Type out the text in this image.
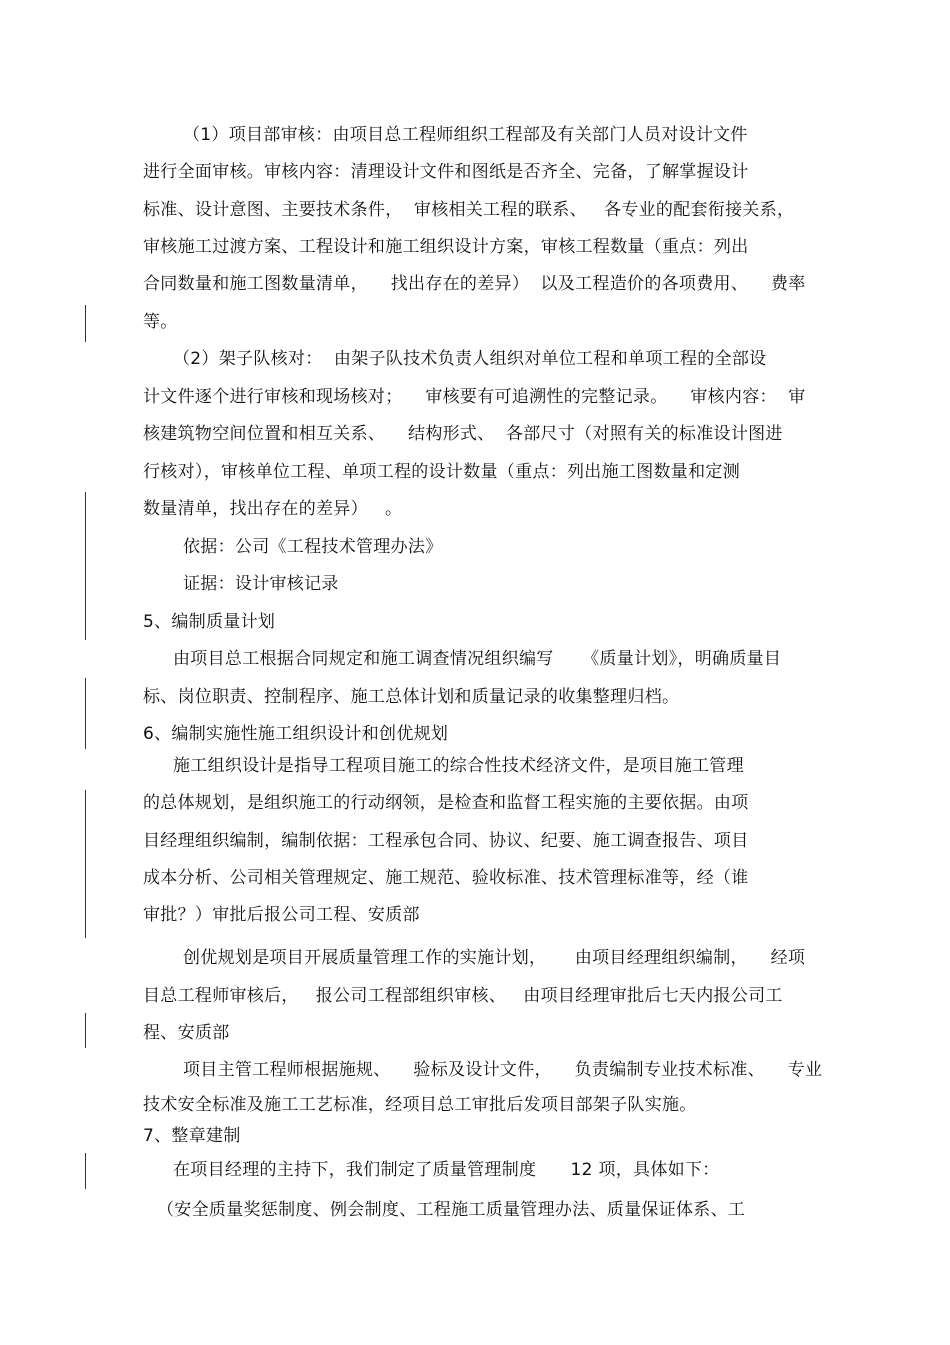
（1）项目部审核：由项目总工程师组织工程部及有关部门人员对设计文件
进行全面审核。审核内容：清理设计文件和图纸是否齐全、完备，了解掌握设计
标准、设计意图、主要技术条件，  审核相关工程的联系、   各专业的配套衔接关系，
审核施工过渡方案、工程设计和施工组织设计方案，审核工程数量（重点：列出
合同数量和施工图数量清单，    找出存在的差异）  以及工程造价的各项费用、    费率
等。
（2）架子队核对：  由架子队技术负责人组织对单位工程和单项工程的全部设
计文件逐个进行审核和现场核对；    审核要有可追溯性的完整记录。    审核内容：  审
核建筑物空间位置和相互关系、    结构形式、  各部尺寸（对照有关的标准设计图进
行核对），审核单位工程、单项工程的设计数量（重点：列出施工图数量和定测
数量清单，找出存在的差异）   。
依据：公司《工程技术管理办法》
证据：设计审核记录
5、编制质量计划
由项目总工根据合同规定和施工调查情况组织编写     《质量计划》，明确质量目
标、岗位职责、控制程序、施工总体计划和质量记录的收集整理归档。
6、编制实施性施工组织设计和创优规划
施工组织设计是指导工程项目施工的综合性技术经济文件，是项目施工管理
的总体规划，是组织施工的行动纲领，是检查和监督工程实施的主要依据。由项
目经理组织编制，编制依据：工程承包合同、协议、纪要、施工调查报告、项目
成本分析、公司相关管理规定、施工规范、验收标准、技术管理标准等，经（谁
审批？）审批后报公司工程、安质部
创优规划是项目开展质量管理工作的实施计划，     由项目经理组织编制，    经项
目总工程师审核后，   报公司工程部组织审核、   由项目经理审批后七天内报公司工
程、安质部
项目主管工程师根据施规、    验标及设计文件，    负责编制专业技术标准、    专业
技术安全标准及施工工艺标准，经项目总工审批后发项目部架子队实施。
7、整章建制
在项目经理的主持下，我们制定了质量管理制度      12 项，具体如下：
（安全质量奖惩制度、例会制度、工程施工质量管理办法、质量保证体系、工
